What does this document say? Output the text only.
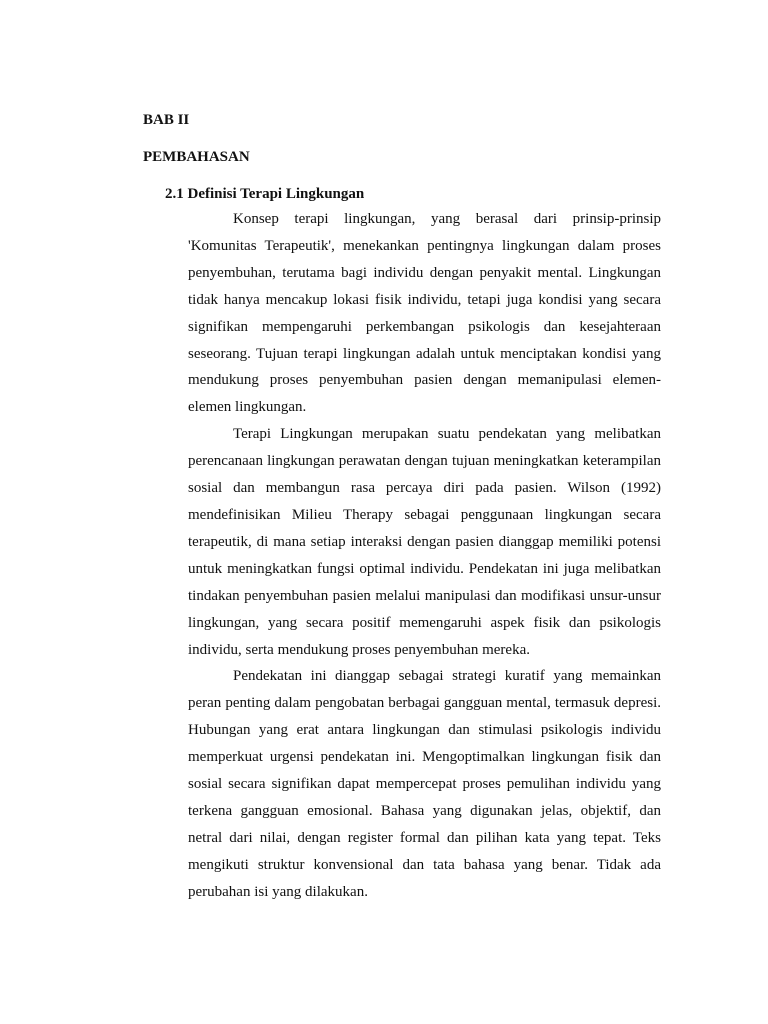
BAB II
PEMBAHASAN
2.1 Definisi Terapi Lingkungan

Konsep terapi lingkungan, yang berasal dari prinsip-prinsip 'Komunitas Terapeutik', menekankan pentingnya lingkungan dalam proses penyembuhan, terutama bagi individu dengan penyakit mental. Lingkungan tidak hanya mencakup lokasi fisik individu, tetapi juga kondisi yang secara signifikan mempengaruhi perkembangan psikologis dan kesejahteraan seseorang. Tujuan terapi lingkungan adalah untuk menciptakan kondisi yang mendukung proses penyembuhan pasien dengan memanipulasi elemen-elemen lingkungan.

Terapi Lingkungan merupakan suatu pendekatan yang melibatkan perencanaan lingkungan perawatan dengan tujuan meningkatkan keterampilan sosial dan membangun rasa percaya diri pada pasien. Wilson (1992) mendefinisikan Milieu Therapy sebagai penggunaan lingkungan secara terapeutik, di mana setiap interaksi dengan pasien dianggap memiliki potensi untuk meningkatkan fungsi optimal individu. Pendekatan ini juga melibatkan tindakan penyembuhan pasien melalui manipulasi dan modifikasi unsur-unsur lingkungan, yang secara positif memengaruhi aspek fisik dan psikologis individu, serta mendukung proses penyembuhan mereka.

Pendekatan ini dianggap sebagai strategi kuratif yang memainkan peran penting dalam pengobatan berbagai gangguan mental, termasuk depresi. Hubungan yang erat antara lingkungan dan stimulasi psikologis individu memperkuat urgensi pendekatan ini. Mengoptimalkan lingkungan fisik dan sosial secara signifikan dapat mempercepat proses pemulihan individu yang terkena gangguan emosional. Bahasa yang digunakan jelas, objektif, dan netral dari nilai, dengan register formal dan pilihan kata yang tepat. Teks mengikuti struktur konvensional dan tata bahasa yang benar. Tidak ada perubahan isi yang dilakukan.
